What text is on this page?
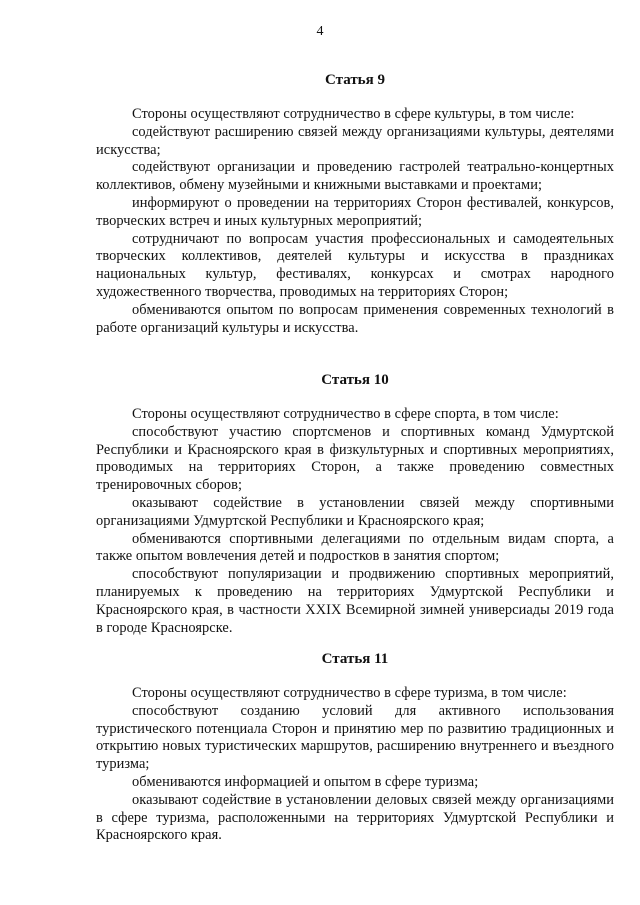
4
Статья 9

Стороны осуществляют сотрудничество в сфере культуры, в том числе:

содействуют расширению связей между организациями культуры, деятелями искусства;

содействуют организации и проведению гастролей театрально-концертных коллективов, обмену музейными и книжными выставками и проектами;

информируют о проведении на территориях Сторон фестивалей, конкурсов, творческих встреч и иных культурных мероприятий;

сотрудничают по вопросам участия профессиональных и самодеятельных творческих коллективов, деятелей культуры и искусства в праздниках национальных культур, фестивалях, конкурсах и смотрах народного художественного творчества, проводимых на территориях Сторон;

обмениваются опытом по вопросам применения современных технологий в работе организаций культуры и искусства.

Статья 10

Стороны осуществляют сотрудничество в сфере спорта, в том числе:

способствуют участию спортсменов и спортивных команд Удмуртской Республики и Красноярского края в физкультурных и спортивных мероприятиях, проводимых на территориях Сторон, а также проведению совместных тренировочных сборов;

оказывают содействие в установлении связей между спортивными организациями Удмуртской Республики и Красноярского края;

обмениваются спортивными делегациями по отдельным видам спорта, а также опытом вовлечения детей и подростков в занятия спортом;

способствуют популяризации и продвижению спортивных мероприятий, планируемых к проведению на территориях Удмуртской Республики и Красноярского края, в частности XXIX Всемирной зимней универсиады 2019 года в городе Красноярске.

Статья 11

Стороны осуществляют сотрудничество в сфере туризма, в том числе:

способствуют созданию условий для активного использования туристического потенциала Сторон и принятию мер по развитию традиционных и открытию новых туристических маршрутов, расширению внутреннего и въездного туризма;

обмениваются информацией и опытом в сфере туризма;

оказывают содействие в установлении деловых связей между организациями в сфере туризма, расположенными на территориях Удмуртской Республики и Красноярского края.
